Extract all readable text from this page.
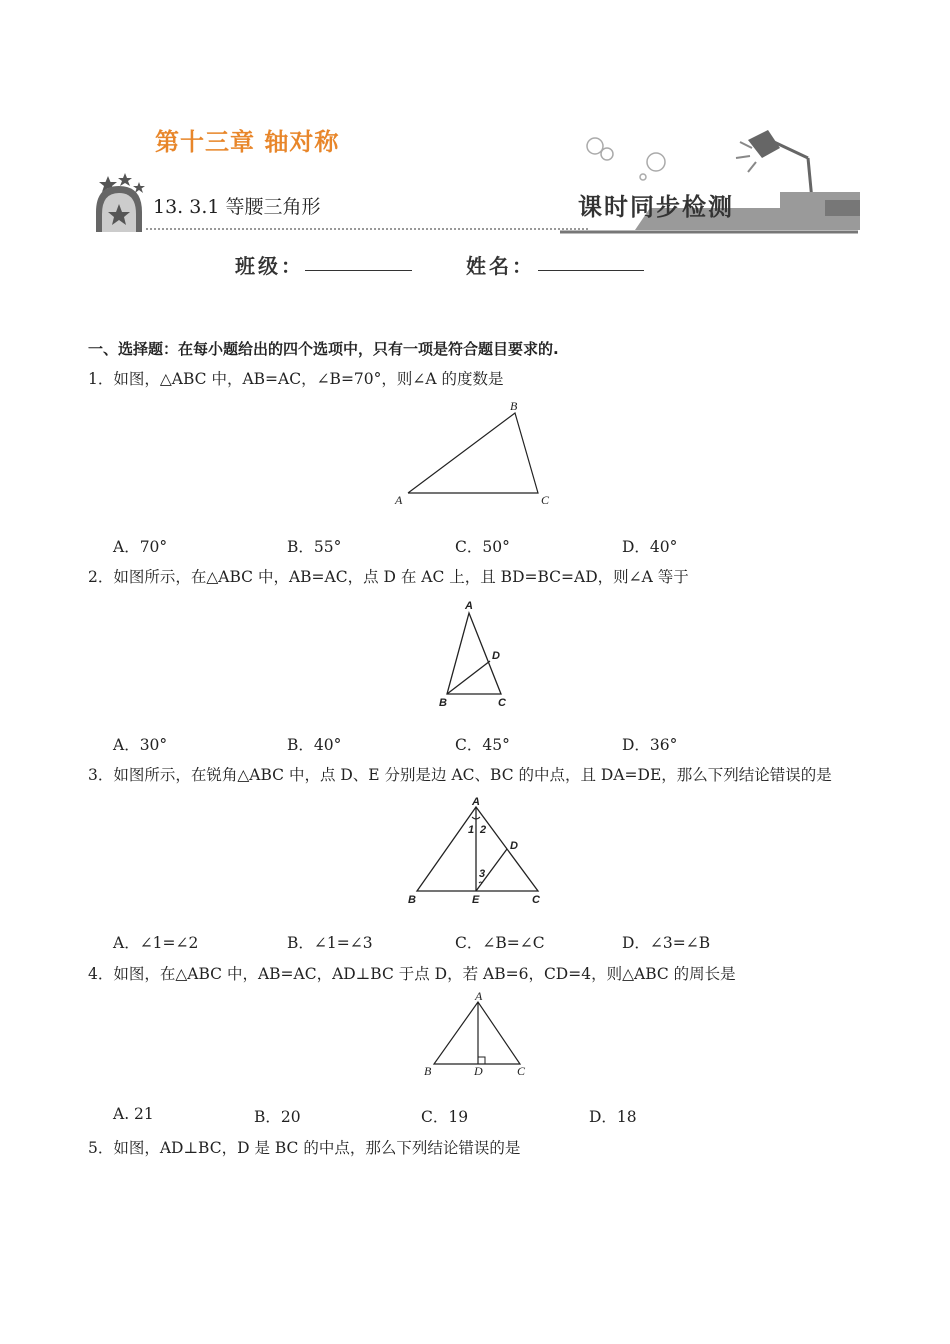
第十三章 轴对称
13. 3.1 等腰三角形	课时同步检测
班级：	姓名：
一、选择题：在每小题给出的四个选项中，只有一项是符合题目要求的.
1．如图，△ABC 中，AB=AC，∠B=70°，则∠A 的度数是
A
B
C
A．70°	B．55°	C．50°	D．40°
2．如图所示，在△ABC 中，AB=AC，点 D 在 AC 上，且 BD=BC=AD，则∠A 等于
A
B	C
D
A．30°	B．40°	C．45°	D．36°
3．如图所示，在锐角△ABC 中，点 D、E 分别是边 AC、BC 的中点，且 DA=DE，那么下列结论错误的是
A
B	C
D
E
1 2
3
A．∠1=∠2	B．∠1=∠3	C．∠B=∠C	D．∠3=∠B
4．如图，在△ABC 中，AB=AC，AD⊥BC 于点 D，若 AB=6，CD=4，则△ABC 的周长是
A
B	D	C
A. 21	B．20	C．19	D．18
5．如图，AD⊥BC，D 是 BC 的中点，那么下列结论错误的是
